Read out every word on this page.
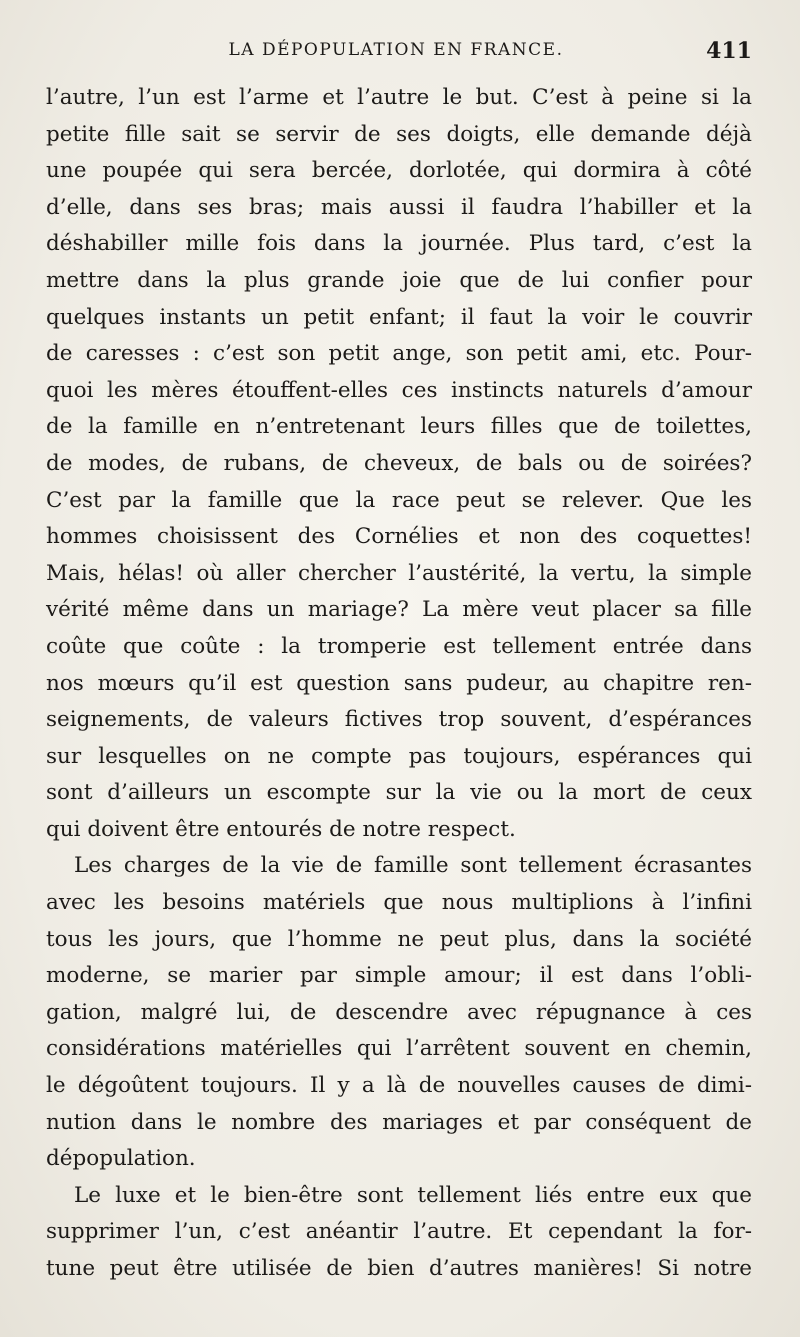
LA DÉPOPULATION EN FRANCE.	411
l’autre, l’un est l’arme et l’autre le but. C’est à peine si la
petite fille sait se servir de ses doigts, elle demande déjà
une poupée qui sera bercée, dorlotée, qui dormira à côté
d’elle, dans ses bras; mais aussi il faudra l’habiller et la
déshabiller mille fois dans la journée. Plus tard, c’est la
mettre dans la plus grande joie que de lui confier pour
quelques instants un petit enfant; il faut la voir le couvrir
de caresses : c’est son petit ange, son petit ami, etc. Pour-
quoi les mères étouffent-elles ces instincts naturels d’amour
de la famille en n’entretenant leurs filles que de toilettes,
de modes, de rubans, de cheveux, de bals ou de soirées?
C’est par la famille que la race peut se relever. Que les
hommes choisissent des Cornélies et non des coquettes!
Mais, hélas! où aller chercher l’austérité, la vertu, la simple
vérité même dans un mariage? La mère veut placer sa fille
coûte que coûte : la tromperie est tellement entrée dans
nos mœurs qu’il est question sans pudeur, au chapitre ren-
seignements, de valeurs fictives trop souvent, d’espérances
sur lesquelles on ne compte pas toujours, espérances qui
sont d’ailleurs un escompte sur la vie ou la mort de ceux
qui doivent être entourés de notre respect.
Les charges de la vie de famille sont tellement écrasantes
avec les besoins matériels que nous multiplions à l’infini
tous les jours, que l’homme ne peut plus, dans la société
moderne, se marier par simple amour; il est dans l’obli-
gation, malgré lui, de descendre avec répugnance à ces
considérations matérielles qui l’arrêtent souvent en chemin,
le dégoûtent toujours. Il y a là de nouvelles causes de dimi-
nution dans le nombre des mariages et par conséquent de
dépopulation.
Le luxe et le bien-être sont tellement liés entre eux que
supprimer l’un, c’est anéantir l’autre. Et cependant la for-
tune peut être utilisée de bien d’autres manières! Si notre
